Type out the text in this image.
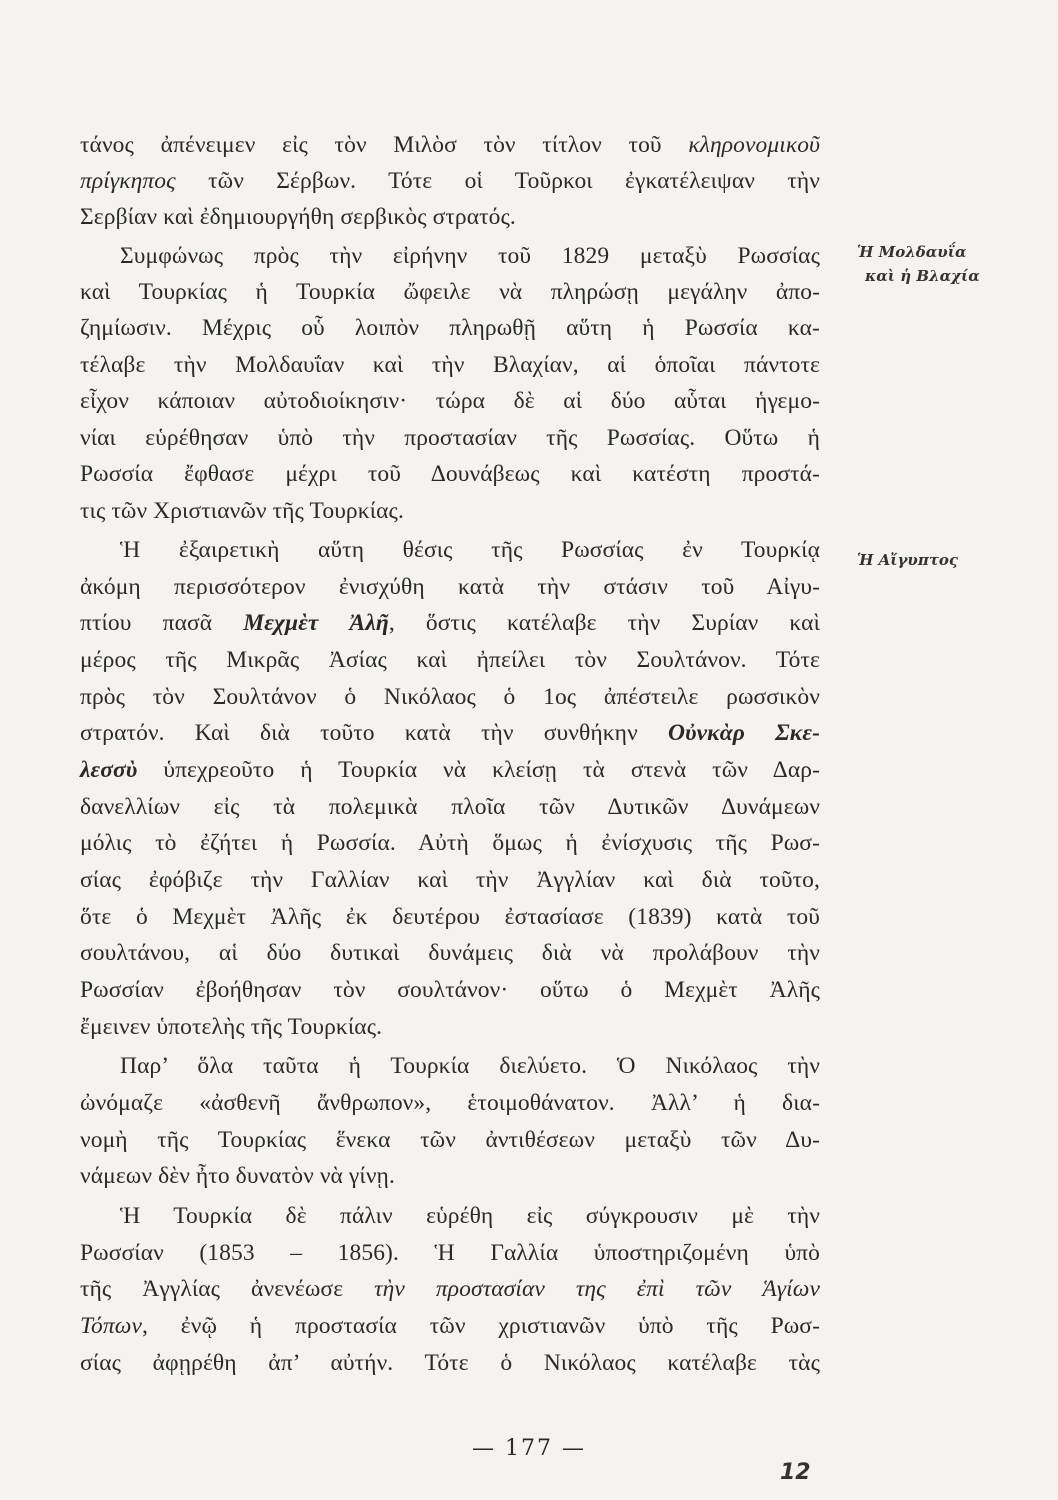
τάνος ἀπένειμεν εἰς τὸν Μιλὸσ τὸν τίτλον τοῦ κληρονομικοῦ
πρίγκηπος τῶν Σέρβων. Τότε οἱ Τοῦρκοι ἐγκατέλειψαν τὴν
Σερβίαν καὶ ἐδημιουργήθη σερβικὸς στρατός.
Συμφώνως πρὸς τὴν εἰρήνην τοῦ 1829 μεταξὺ Ρωσσίας
καὶ Τουρκίας ἡ Τουρκία ὤφειλε νὰ πληρώσῃ μεγάλην ἀπο-
ζημίωσιν. Μέχρις οὗ λοιπὸν πληρωθῇ αὕτη ἡ Ρωσσία κα-
τέλαβε τὴν Μολδαυΐαν καὶ τὴν Βλαχίαν, αἱ ὁποῖαι πάντοτε
εἶχον κάποιαν αὐτοδιοίκησιν· τώρα δὲ αἱ δύο αὗται ἡγεμο-
νίαι εὑρέθησαν ὑπὸ τὴν προστασίαν τῆς Ρωσσίας. Οὕτω ἡ
Ρωσσία ἔφθασε μέχρι τοῦ Δουνάβεως καὶ κατέστη προστά-
τις τῶν Χριστιανῶν τῆς Τουρκίας.
Ἡ ἐξαιρετικὴ αὕτη θέσις τῆς Ρωσσίας ἐν Τουρκίᾳ
ἀκόμη περισσότερον ἐνισχύθη κατὰ τὴν στάσιν τοῦ Αἰγυ-
πτίου πασᾶ Μεχμὲτ Ἀλῆ, ὅστις κατέλαβε τὴν Συρίαν καὶ
μέρος τῆς Μικρᾶς Ἀσίας καὶ ἠπείλει τὸν Σουλτάνον. Τότε
πρὸς τὸν Σουλτάνον ὁ Νικόλαος ὁ 1ος ἀπέστειλε ρωσσικὸν
στρατόν. Καὶ διὰ τοῦτο κατὰ τὴν συνθήκην Οὐνκὰρ Σκε-
λεσσὺ ὑπεχρεοῦτο ἡ Τουρκία νὰ κλείσῃ τὰ στενὰ τῶν Δαρ-
δανελλίων εἰς τὰ πολεμικὰ πλοῖα τῶν Δυτικῶν Δυνάμεων
μόλις τὸ ἐζήτει ἡ Ρωσσία. Αὐτὴ ὅμως ἡ ἐνίσχυσις τῆς Ρωσ-
σίας ἐφόβιζε τὴν Γαλλίαν καὶ τὴν Ἀγγλίαν καὶ διὰ τοῦτο,
ὅτε ὁ Μεχμὲτ Ἀλῆς ἐκ δευτέρου ἐστασίασε (1839) κατὰ τοῦ
σουλτάνου, αἱ δύο δυτικαὶ δυνάμεις διὰ νὰ προλάβουν τὴν
Ρωσσίαν ἐβοήθησαν τὸν σουλτάνον· οὕτω ὁ Μεχμὲτ Ἀλῆς
ἔμεινεν ὑποτελὴς τῆς Τουρκίας.
Παρ’ ὅλα ταῦτα ἡ Τουρκία διελύετο. Ὁ Νικόλαος τὴν
ὠνόμαζε «ἀσθενῆ ἄνθρωπον», ἑτοιμοθάνατον. Ἀλλ’ ἡ δια-
νομὴ τῆς Τουρκίας ἕνεκα τῶν ἀντιθέσεων μεταξὺ τῶν Δυ-
νάμεων δὲν ἦτο δυνατὸν νὰ γίνῃ.
Ἡ Τουρκία δὲ πάλιν εὑρέθη εἰς σύγκρουσιν μὲ τὴν
Ρωσσίαν (1853 – 1856). Ἡ Γαλλία ὑποστηριζομένη ὑπὸ
τῆς Ἀγγλίας ἀνενέωσε τὴν προστασίαν της ἐπὶ τῶν Ἁγίων
Τόπων, ἐνῷ ἡ προστασία τῶν χριστιανῶν ὑπὸ τῆς Ρωσ-
σίας ἀφῃρέθη ἀπ’ αὐτήν. Τότε ὁ Νικόλαος κατέλαβε τὰς
Ἡ Μολδαυΐα
καὶ ἡ Βλαχία
Ἡ Αἴγυπτος
— 177 —
12
